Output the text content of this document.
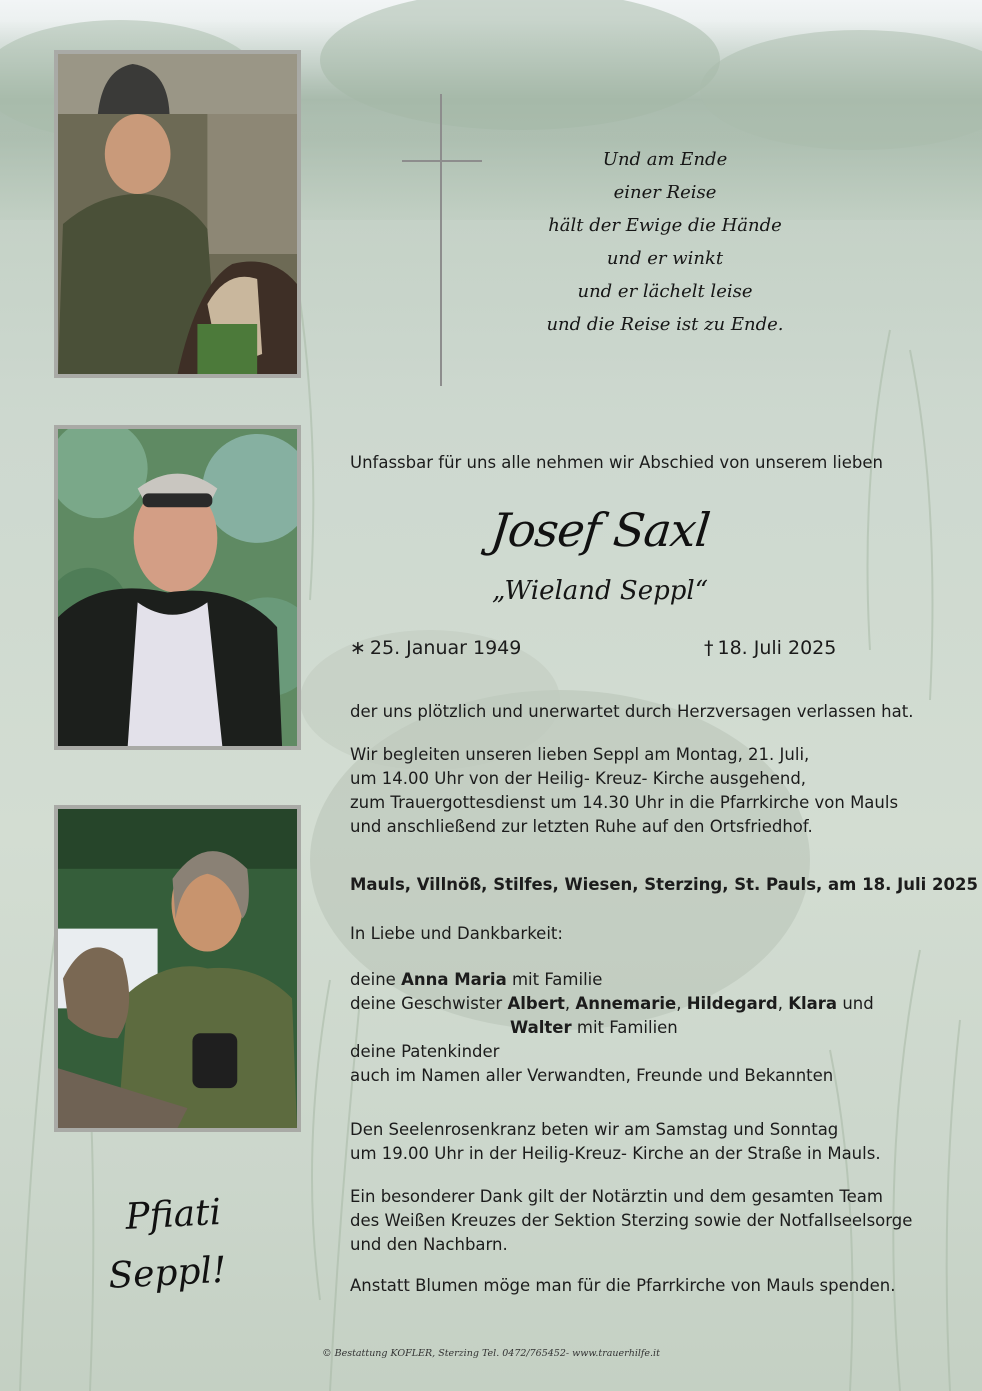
Und am Ende
einer Reise
hält der Ewige die Hände
und er winkt
und er lächelt leise
und die Reise ist zu Ende.
Unfassbar für uns alle nehmen wir Abschied von unserem lieben
Josef Saxl
„Wieland Seppl“
∗ 25. Januar 1949	† 18. Juli 2025
der uns plötzlich und unerwartet durch Herzversagen verlassen hat.
Wir begleiten unseren lieben Seppl am Montag, 21. Juli,
um 14.00 Uhr von der Heilig- Kreuz- Kirche ausgehend,
zum Trauergottesdienst um 14.30 Uhr in die Pfarrkirche von Mauls
und anschließend zur letzten Ruhe auf den Ortsfriedhof.
Mauls, Villnöß, Stilfes, Wiesen, Sterzing, St. Pauls, am 18. Juli 2025
In Liebe und Dankbarkeit:
deine Anna Maria mit Familie
deine Geschwister Albert, Annemarie, Hildegard, Klara und
Walter mit Familien
deine Patenkinder
auch im Namen aller Verwandten, Freunde und Bekannten
Den Seelenrosenkranz beten wir am Samstag und Sonntag
um 19.00 Uhr in der Heilig-Kreuz- Kirche an der Straße in Mauls.
Ein besonderer Dank gilt der Notärztin und dem gesamten Team
des Weißen Kreuzes der Sektion Sterzing sowie der Notfallseelsorge
und den Nachbarn.
Anstatt Blumen möge man für die Pfarrkirche von Mauls spenden.
Pfiati
Seppl!
© Bestattung KOFLER, Sterzing Tel. 0472/765452- www.trauerhilfe.it
